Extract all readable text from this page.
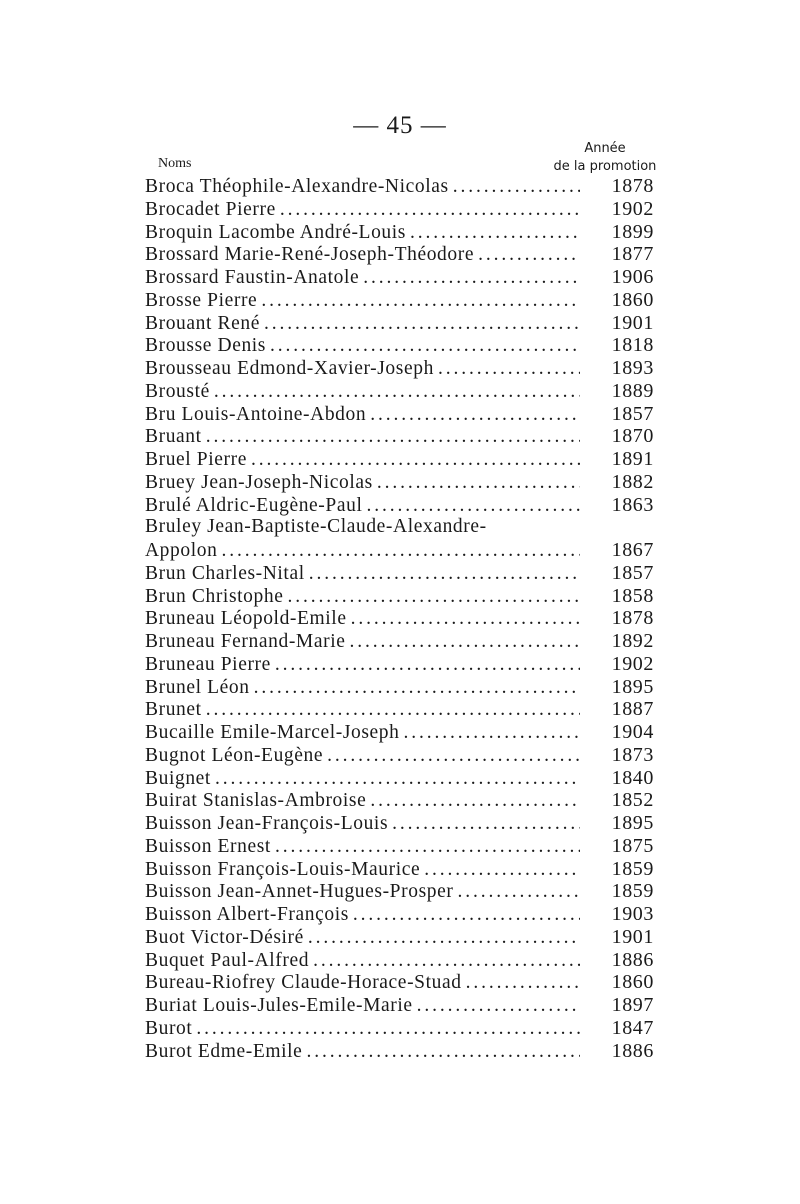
— 45 —
Noms
Année
de la promotion
Broca Théophile-Alexandre-Nicolas . . .	1878
Brocadet Pierre . . .	1902
Broquin Lacombe André-Louis . . .	1899
Brossard Marie-René-Joseph-Théodore . . .	1877
Brossard Faustin-Anatole . . .	1906
Brosse Pierre . . .	1860
Brouant René . . .	1901
Brousse Denis . . .	1818
Brousseau Edmond-Xavier-Joseph . . .	1893
Brousté . . .	1889
Bru Louis-Antoine-Abdon . . .	1857
Bruant . . .	1870
Bruel Pierre . . .	1891
Bruey Jean-Joseph-Nicolas . . .	1882
Brulé Aldric-Eugène-Paul . . .	1863
Bruley Jean-Baptiste-Claude-Alexandre-
Appolon . . .	1867
Brun Charles-Nital . . .	1857
Brun Christophe . . .	1858
Bruneau Léopold-Emile . . .	1878
Bruneau Fernand-Marie . . .	1892
Bruneau Pierre . . .	1902
Brunel Léon . . .	1895
Brunet . . .	1887
Bucaille Emile-Marcel-Joseph . . .	1904
Bugnot Léon-Eugène . . .	1873
Buignet . . .	1840
Buirat Stanislas-Ambroise . . .	1852
Buisson Jean-François-Louis . . .	1895
Buisson Ernest . . .	1875
Buisson François-Louis-Maurice . . .	1859
Buisson Jean-Annet-Hugues-Prosper . . .	1859
Buisson Albert-François . . .	1903
Buot Victor-Désiré . . .	1901
Buquet Paul-Alfred . . .	1886
Bureau-Riofrey Claude-Horace-Stuad . . .	1860
Buriat Louis-Jules-Emile-Marie . . .	1897
Burot . . .	1847
Burot Edme-Emile . . .	1886
